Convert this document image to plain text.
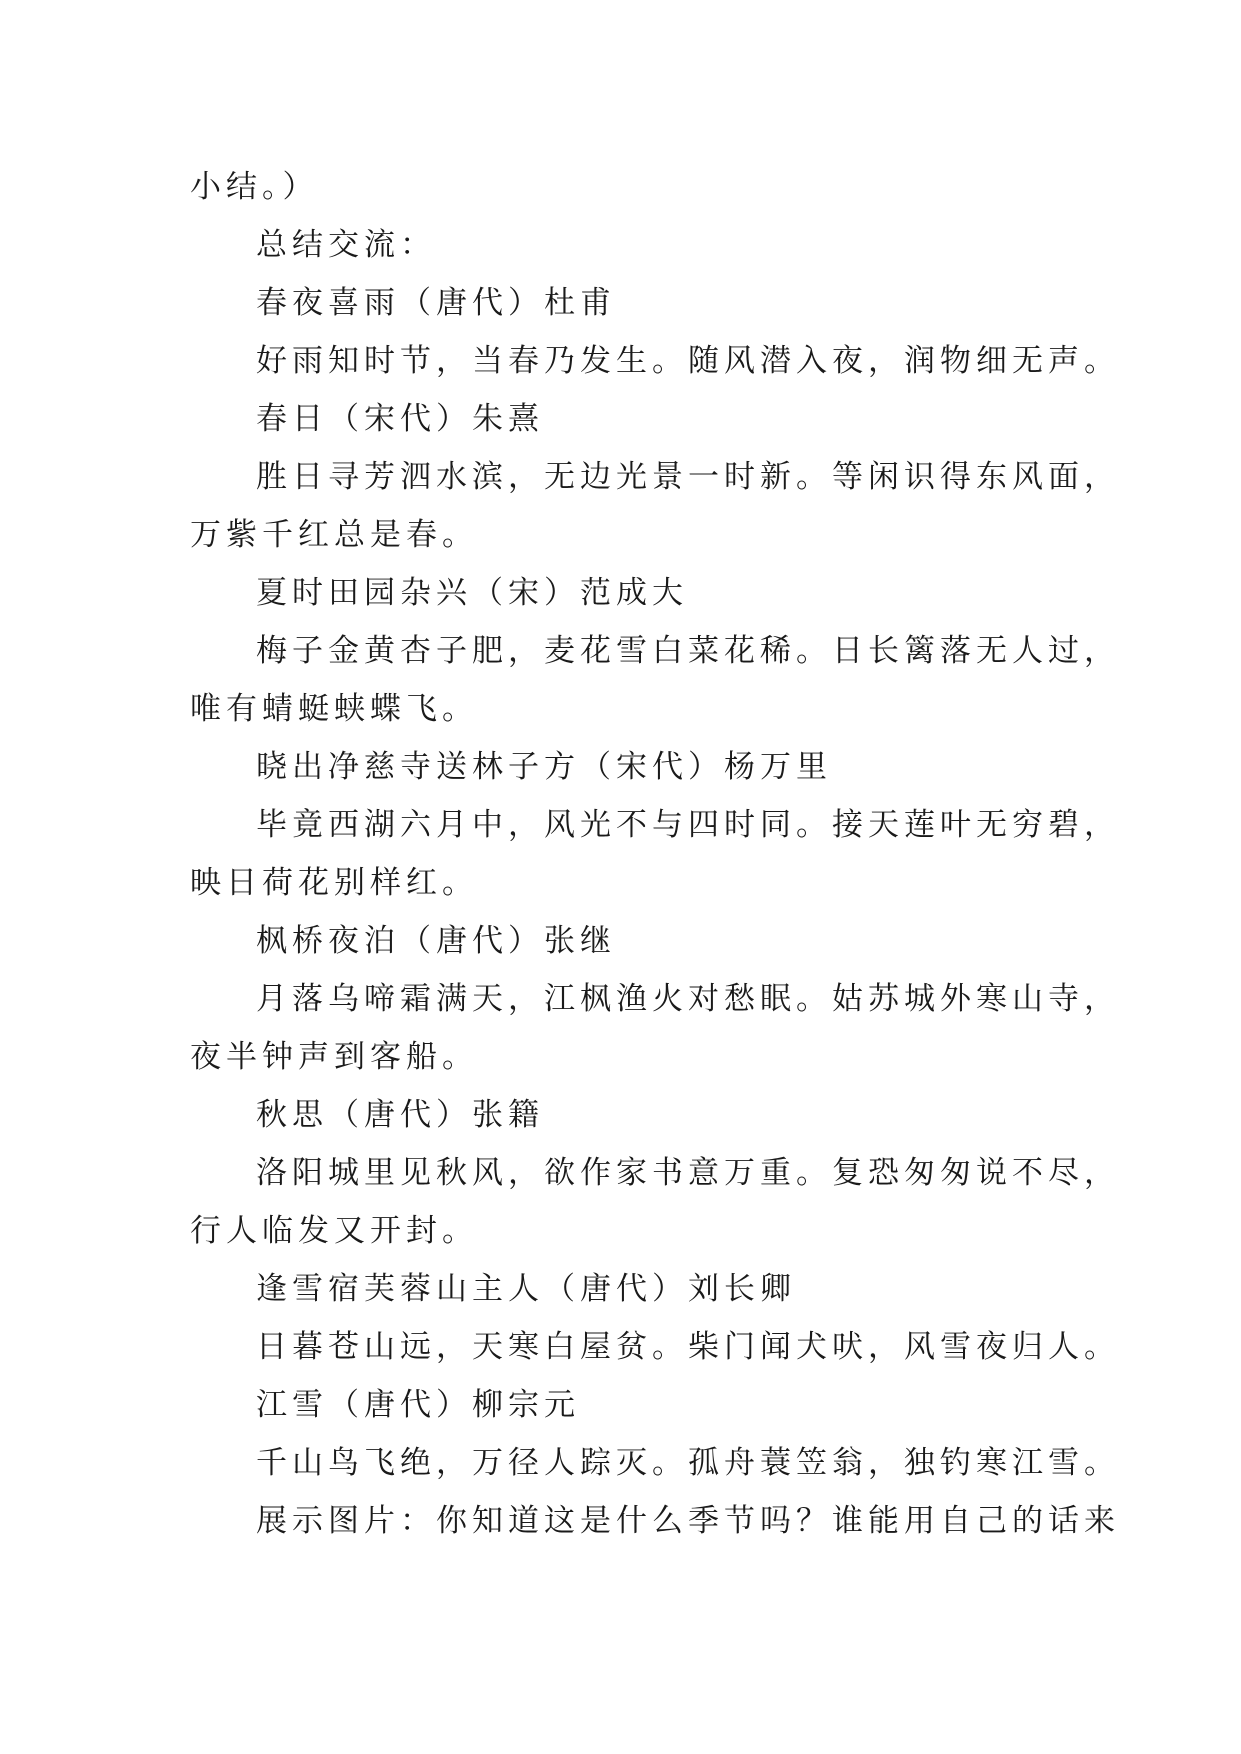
小结。）
总结交流：
春夜喜雨（唐代）杜甫
好雨知时节，当春乃发生。随风潜入夜，润物细无声。
春日（宋代）朱熹
胜日寻芳泗水滨，无边光景一时新。等闲识得东风面，
万紫千红总是春。
夏时田园杂兴（宋）范成大
梅子金黄杏子肥，麦花雪白菜花稀。日长篱落无人过，
唯有蜻蜓蛱蝶飞。
晓出净慈寺送林子方（宋代）杨万里
毕竟西湖六月中，风光不与四时同。接天莲叶无穷碧，
映日荷花别样红。
枫桥夜泊（唐代）张继
月落乌啼霜满天，江枫渔火对愁眠。姑苏城外寒山寺，
夜半钟声到客船。
秋思（唐代）张籍
洛阳城里见秋风，欲作家书意万重。复恐匆匆说不尽，
行人临发又开封。
逢雪宿芙蓉山主人（唐代）刘长卿
日暮苍山远，天寒白屋贫。柴门闻犬吠，风雪夜归人。
江雪（唐代）柳宗元
千山鸟飞绝，万径人踪灭。孤舟蓑笠翁，独钓寒江雪。
展示图片：你知道这是什么季节吗？谁能用自己的话来
